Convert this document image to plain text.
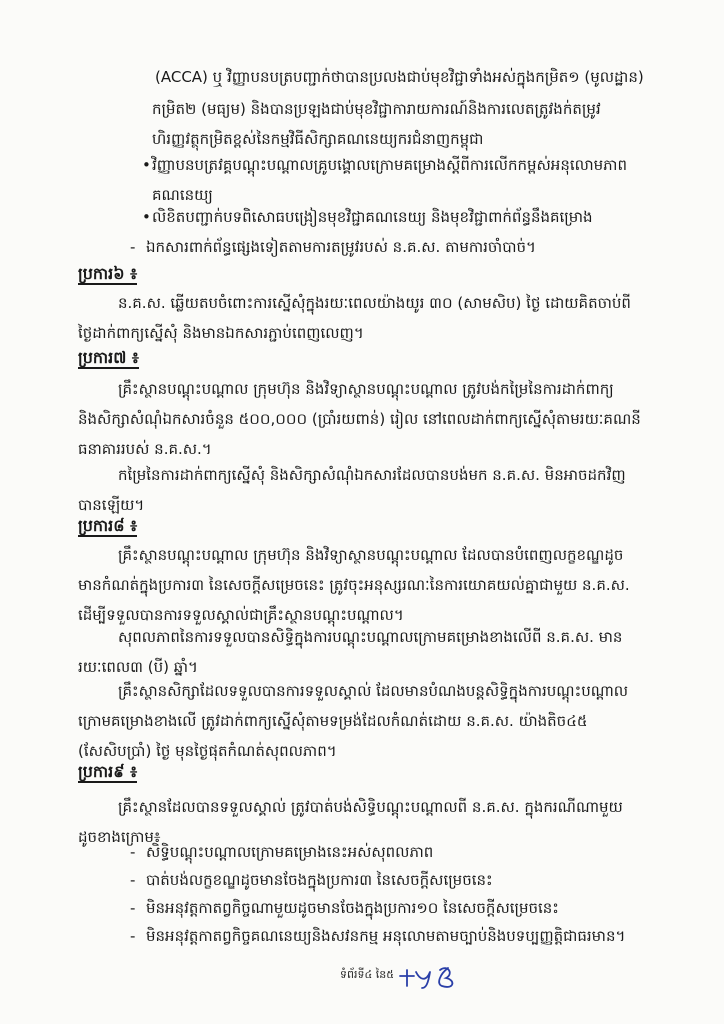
(ACCA) ឬ វិញ្ញាបនបត្របញ្ជាក់ថាបានប្រលងជាប់មុខវិជ្ជាទាំងអស់ក្នុងកម្រិត១ (មូលដ្ឋាន)
កម្រិត២ (មធ្យម) និងបានប្រឡងជាប់មុខវិជ្ជាការាយការណ៍និងការលេតត្រូវងក់តម្រូវ
ហិរញ្ញវត្ថុកម្រិតខ្ពស់នៃកម្មវិធីសិក្សាគណនេយ្យករជំនាញកម្ពុជា
• វិញ្ញាបនបត្រវគ្គបណ្តុះបណ្តាលគ្រូបង្គោលក្រោមគម្រោងស្តីពីការលើកកម្ពស់អនុលោមភាព
គណនេយ្យ
• លិខិតបញ្ជាក់បទពិសោធបង្រៀនមុខវិជ្ជាគណនេយ្យ និងមុខវិជ្ជាពាក់ព័ន្ធនឹងគម្រោង
- ឯកសារពាក់ព័ន្ធផ្សេងទៀតតាមការតម្រូវរបស់ ន.គ.ស. តាមការចាំបាច់។
ប្រការ៦ ៖
ន.គ.ស. ឆ្លើយតបចំពោះការស្នើសុំក្នុងរយៈពេលយ៉ាងយូរ ៣០ (សាមសិប) ថ្ងៃ ដោយគិតចាប់ពី
ថ្ងៃដាក់ពាក្យស្នើសុំ និងមានឯកសារភ្ជាប់ពេញលេញ។
ប្រការ៧ ៖
គ្រឹះស្ថានបណ្តុះបណ្តាល ក្រុមហ៊ុន និងវិទ្យាស្ថានបណ្តុះបណ្តាល ត្រូវបង់កម្រៃនៃការដាក់ពាក្យ
និងសិក្សាសំណុំឯកសារចំនួន ៥០០,០០០ (ប្រាំរយពាន់) រៀល នៅពេលដាក់ពាក្យស្នើសុំតាមរយៈគណនី
ធនាគាររបស់ ន.គ.ស.។
កម្រៃនៃការដាក់ពាក្យស្នើសុំ និងសិក្សាសំណុំឯកសារដែលបានបង់មក ន.គ.ស. មិនអាចដកវិញ
បានឡើយ។
ប្រការ៨ ៖
គ្រឹះស្ថានបណ្តុះបណ្តាល ក្រុមហ៊ុន និងវិទ្យាស្ថានបណ្តុះបណ្តាល ដែលបានបំពេញលក្ខខណ្ឌដូច
មានកំណត់ក្នុងប្រការ៣ នៃសេចក្តីសម្រេចនេះ ត្រូវចុះអនុស្សរណៈនៃការយោគយល់គ្នាជាមួយ ន.គ.ស.
ដើម្បីទទួលបានការទទួលស្គាល់ជាគ្រឹះស្ថានបណ្តុះបណ្តាល។
សុពលភាពនៃការទទួលបានសិទ្ធិក្នុងការបណ្តុះបណ្តាលក្រោមគម្រោងខាងលើពី ន.គ.ស. មាន
រយៈពេល៣ (បី) ឆ្នាំ។
គ្រឹះស្ថានសិក្សាដែលទទួលបានការទទួលស្គាល់ ដែលមានបំណងបន្តសិទ្ធិក្នុងការបណ្តុះបណ្តាល
ក្រោមគម្រោងខាងលើ ត្រូវដាក់ពាក្យស្នើសុំតាមទម្រង់ដែលកំណត់ដោយ ន.គ.ស. យ៉ាងតិច៤៥
(សែសិបប្រាំ) ថ្ងៃ មុនថ្ងៃផុតកំណត់សុពលភាព។
ប្រការ៩ ៖
គ្រឹះស្ថានដែលបានទទួលស្គាល់ ត្រូវបាត់បង់សិទ្ធិបណ្តុះបណ្តាលពី ន.គ.ស. ក្នុងករណីណាមួយ
ដូចខាងក្រោម៖
- សិទ្ធិបណ្តុះបណ្តាលក្រោមគម្រោងនេះអស់សុពលភាព
- បាត់បង់លក្ខខណ្ឌដូចមានចែងក្នុងប្រការ៣ នៃសេចក្តីសម្រេចនេះ
- មិនអនុវត្តកាតព្វកិច្ចណាមួយដូចមានចែងក្នុងប្រការ១០ នៃសេចក្តីសម្រេចនេះ
- មិនអនុវត្តកាតព្វកិច្ចគណនេយ្យនិងសវនកម្ម អនុលោមតាមច្បាប់និងបទប្បញ្ញត្តិជាធរមាន។
ទំព័រទី៤ នៃ៥
